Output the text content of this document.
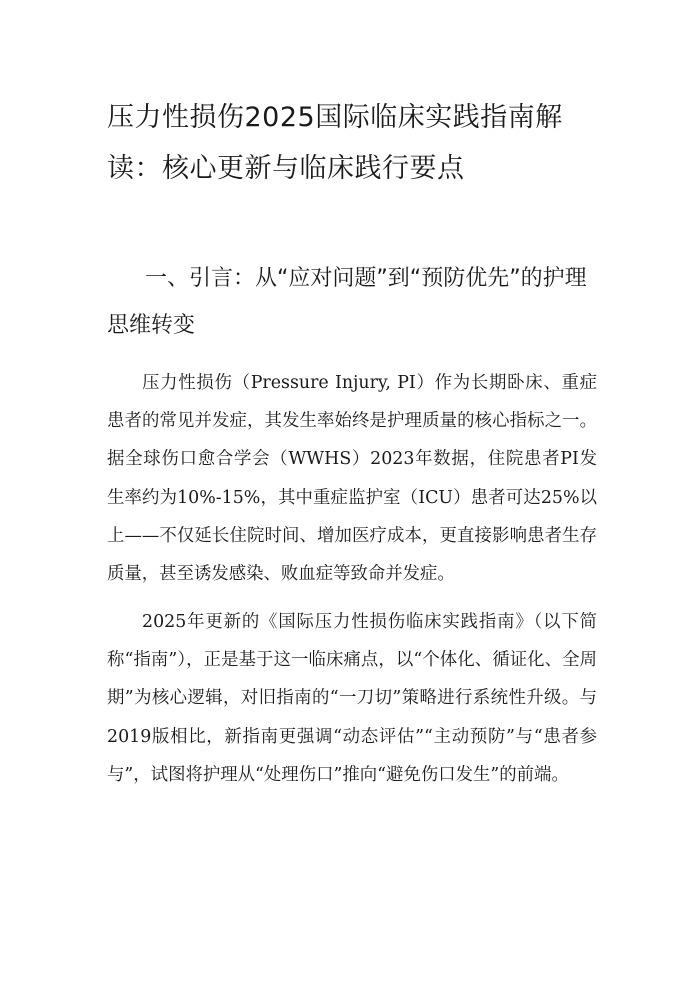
压力性损伤2025国际临床实践指南解读：核心更新与临床践行要点
一、引言：从“应对问题”到“预防优先”的护理思维转变

压力性损伤（Pressure Injury, PI）作为长期卧床、重症患者的常见并发症，其发生率始终是护理质量的核心指标之一。据全球伤口愈合学会（WWHS）2023年数据，住院患者PI发生率约为10%-15%，其中重症监护室（ICU）患者可达25%以上——不仅延长住院时间、增加医疗成本，更直接影响患者生存质量，甚至诱发感染、败血症等致命并发症。

2025年更新的《国际压力性损伤临床实践指南》（以下简称“指南”），正是基于这一临床痛点，以“个体化、循证化、全周期”为核心逻辑，对旧指南的“一刀切”策略进行系统性升级。与2019版相比，新指南更强调“动态评估”“主动预防”与“患者参与”，试图将护理从“处理伤口”推向“避免伤口发生”的前端。
